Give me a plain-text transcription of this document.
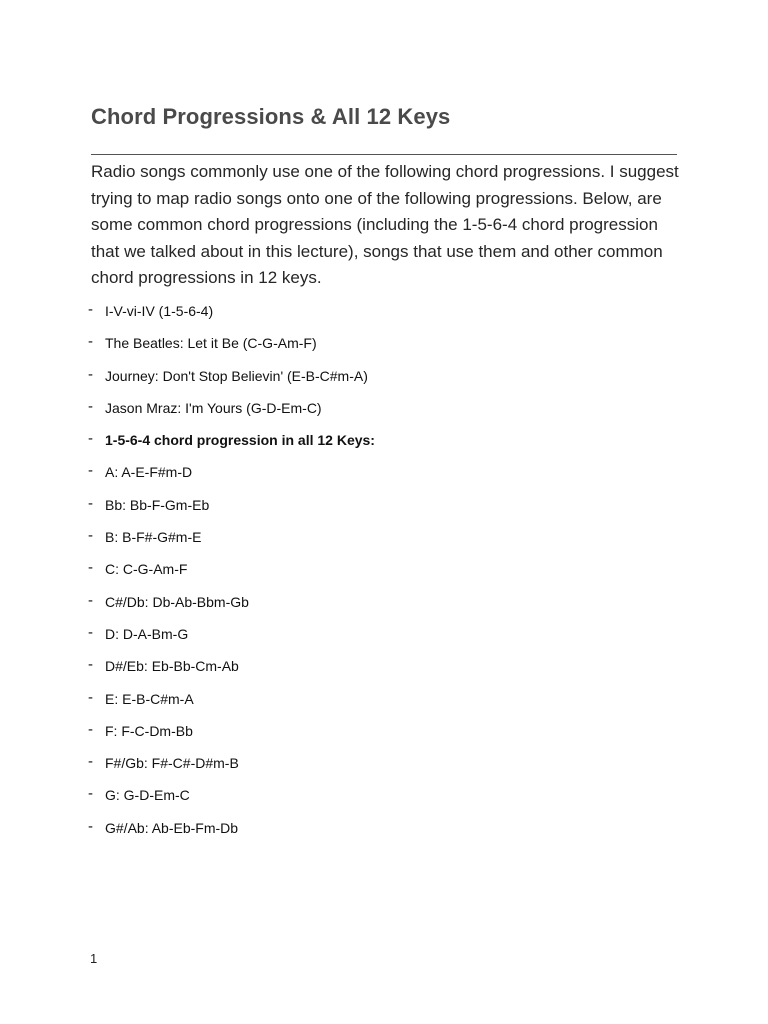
Chord Progressions & All 12 Keys
Radio songs commonly use one of the following chord progressions. I suggest trying to map radio songs onto one of the following progressions. Below, are some common chord progressions (including the 1-5-6-4 chord progression that we talked about in this lecture), songs that use them and other common chord progressions in 12 keys.
- I-V-vi-IV (1-5-6-4)
- The Beatles: Let it Be (C-G-Am-F)
- Journey: Don't Stop Believin' (E-B-C#m-A)
- Jason Mraz: I'm Yours (G-D-Em-C)
- 1-5-6-4 chord progression in all 12 Keys:
- A: A-E-F#m-D
- Bb: Bb-F-Gm-Eb
- B: B-F#-G#m-E
- C: C-G-Am-F
- C#/Db: Db-Ab-Bbm-Gb
- D: D-A-Bm-G
- D#/Eb: Eb-Bb-Cm-Ab
- E: E-B-C#m-A
- F: F-C-Dm-Bb
- F#/Gb: F#-C#-D#m-B
- G: G-D-Em-C
- G#/Ab: Ab-Eb-Fm-Db
1
